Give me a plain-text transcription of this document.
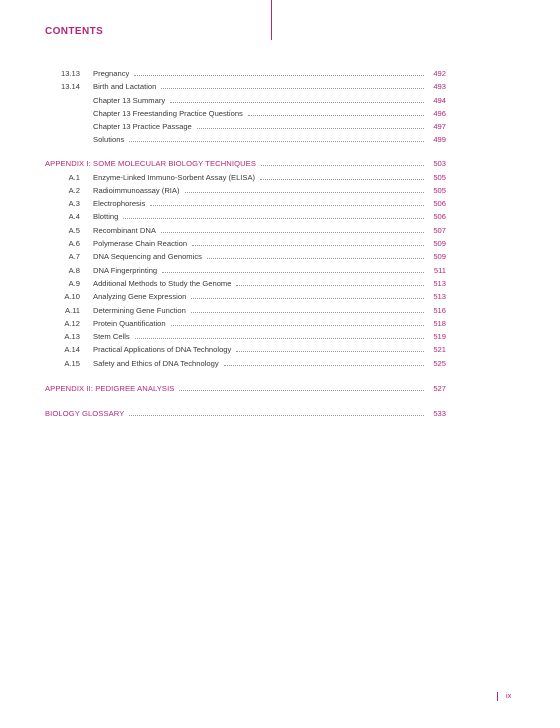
CONTENTS
13.13 Pregnancy	492
13.14 Birth and Lactation	493
Chapter 13 Summary	494
Chapter 13 Freestanding Practice Questions	496
Chapter 13 Practice Passage	497
Solutions	499
APPENDIX I: SOME MOLECULAR BIOLOGY TECHNIQUES	503
A.1 Enzyme-Linked Immuno-Sorbent Assay (ELISA)	505
A.2 Radioimmunoassay (RIA)	505
A.3 Electrophoresis	506
A.4 Blotting	506
A.5 Recombinant DNA	507
A.6 Polymerase Chain Reaction	509
A.7 DNA Sequencing and Genomics	509
A.8 DNA Fingerprinting	511
A.9 Additional Methods to Study the Genome	513
A.10 Analyzing Gene Expression	513
A.11 Determining Gene Function	516
A.12 Protein Quantification	518
A.13 Stem Cells	519
A.14 Practical Applications of DNA Technology	521
A.15 Safety and Ethics of DNA Technology	525
APPENDIX II: PEDIGREE ANALYSIS	527
BIOLOGY GLOSSARY	533
ix
